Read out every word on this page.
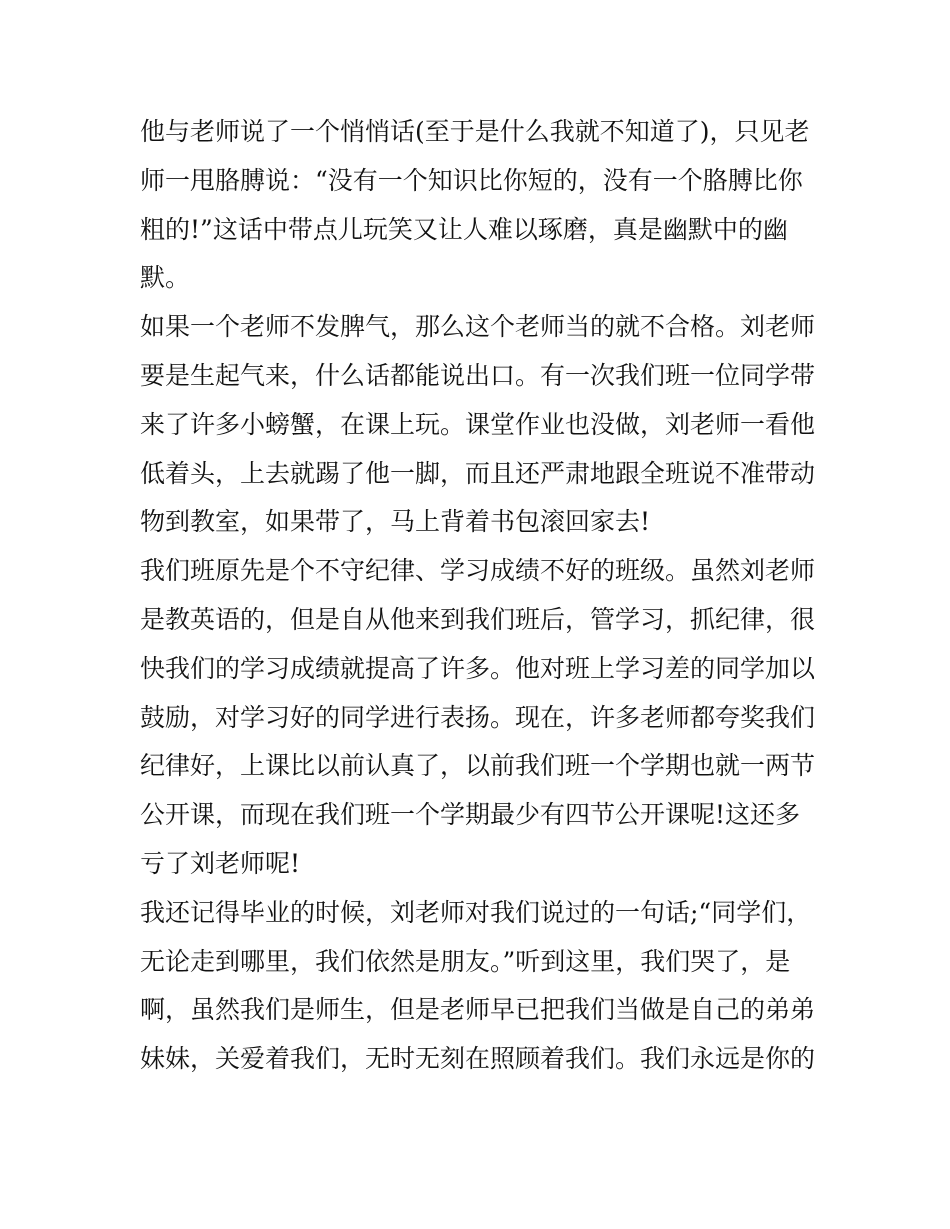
他与老师说了一个悄悄话(至于是什么我就不知道了)，只见老
师一甩胳膊说：“没有一个知识比你短的，没有一个胳膊比你
粗的!”这话中带点儿玩笑又让人难以琢磨，真是幽默中的幽
默。
如果一个老师不发脾气，那么这个老师当的就不合格。刘老师
要是生起气来，什么话都能说出口。有一次我们班一位同学带
来了许多小螃蟹，在课上玩。课堂作业也没做，刘老师一看他
低着头，上去就踢了他一脚，而且还严肃地跟全班说不准带动
物到教室，如果带了，马上背着书包滚回家去!
我们班原先是个不守纪律、学习成绩不好的班级。虽然刘老师
是教英语的，但是自从他来到我们班后，管学习，抓纪律，很
快我们的学习成绩就提高了许多。他对班上学习差的同学加以
鼓励，对学习好的同学进行表扬。现在，许多老师都夸奖我们
纪律好，上课比以前认真了，以前我们班一个学期也就一两节
公开课，而现在我们班一个学期最少有四节公开课呢!这还多
亏了刘老师呢!
我还记得毕业的时候，刘老师对我们说过的一句话;“同学们，
无论走到哪里，我们依然是朋友。”听到这里，我们哭了，是
啊，虽然我们是师生，但是老师早已把我们当做是自己的弟弟
妹妹，关爱着我们，无时无刻在照顾着我们。我们永远是你的
